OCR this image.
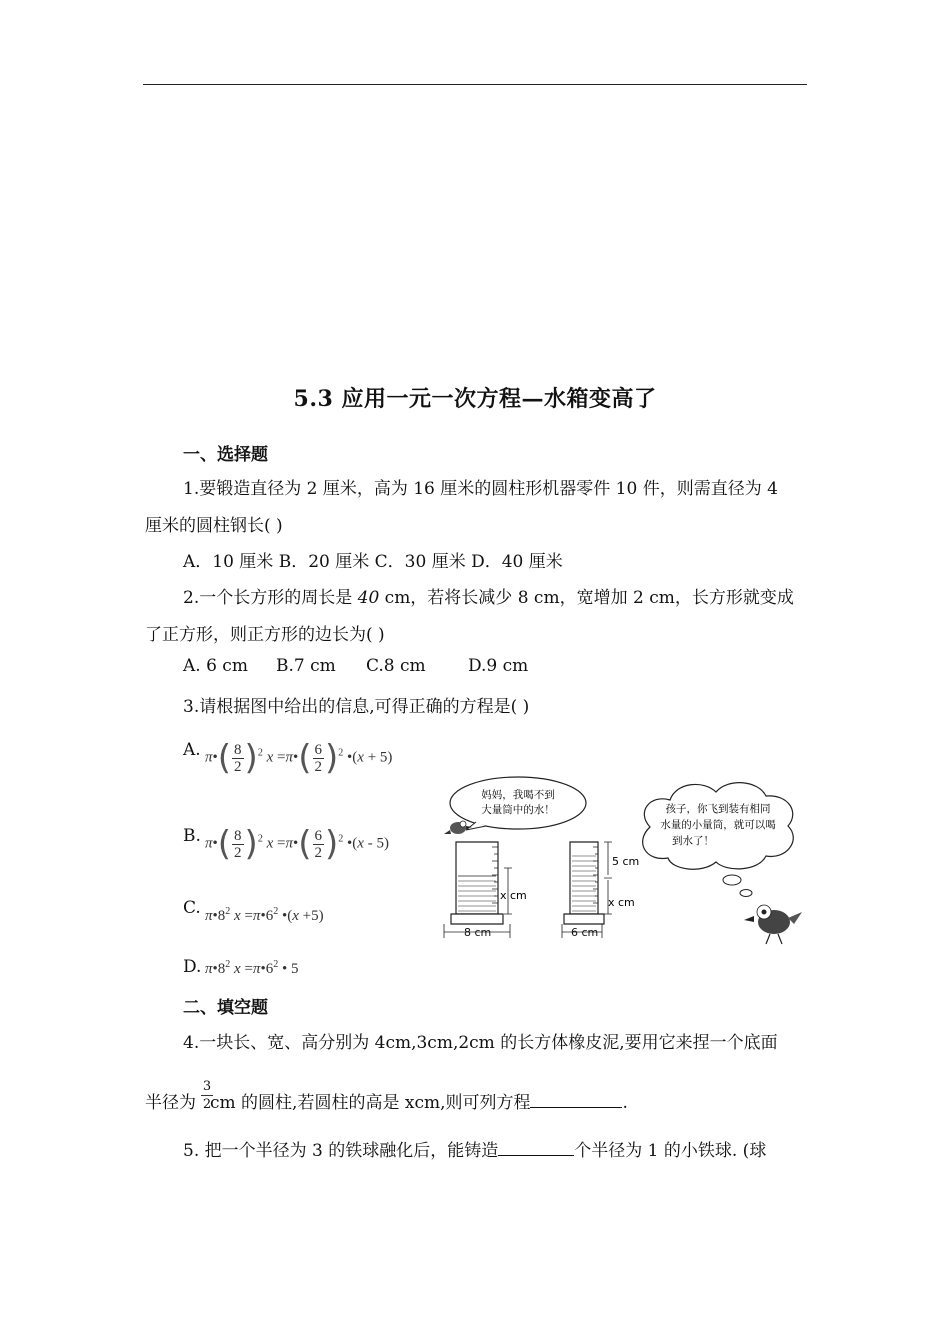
5.3 应用一元一次方程—水箱变高了
一、选择题
1.要锻造直径为 2 厘米，高为 16 厘米的圆柱形机器零件 10 件，则需直径为 4
厘米的圆柱钢长( )
A．10 厘米 B．20 厘米 C．30 厘米 D．40 厘米
2.一个长方形的周长是 40 cm，若将长减少 8 cm，宽增加 2 cm，长方形就变成
了正方形，则正方形的边长为( )
A. 6 cm B.7 cm C.8 cm D.9 cm
3.请根据图中给出的信息,可得正确的方程是( )
A. π•( $\frac{8}{2} )^2$ x =π•( $\frac{6}{2} )^2$ •(x + 5)
B. π•( $\frac{8}{2} )^2$ x =π•( $\frac{6}{2} )^2$ •(x - 5)
C. $\pi•8^2$ $x =\pi•6^2$ •(x +5)
D. $\pi•8^2$ $x =\pi•6^2$ • 5
妈妈，我喝不到
大量筒中的水！
x cm
8 cm
5 cm
x cm
6 cm
孩子，你飞到装有相同
水量的小量筒，就可以喝
到水了！
二、填空题
4.一块长、宽、高分别为 4cm,3cm,2cm 的长方体橡皮泥,要用它来捏一个底面
半径为 cm 的圆柱,若圆柱的高是 xcm,则可列方程	.
3
2
5. 把一个半径为 3 的铁球融化后，能铸造	个半径为 1 的小铁球. (球
